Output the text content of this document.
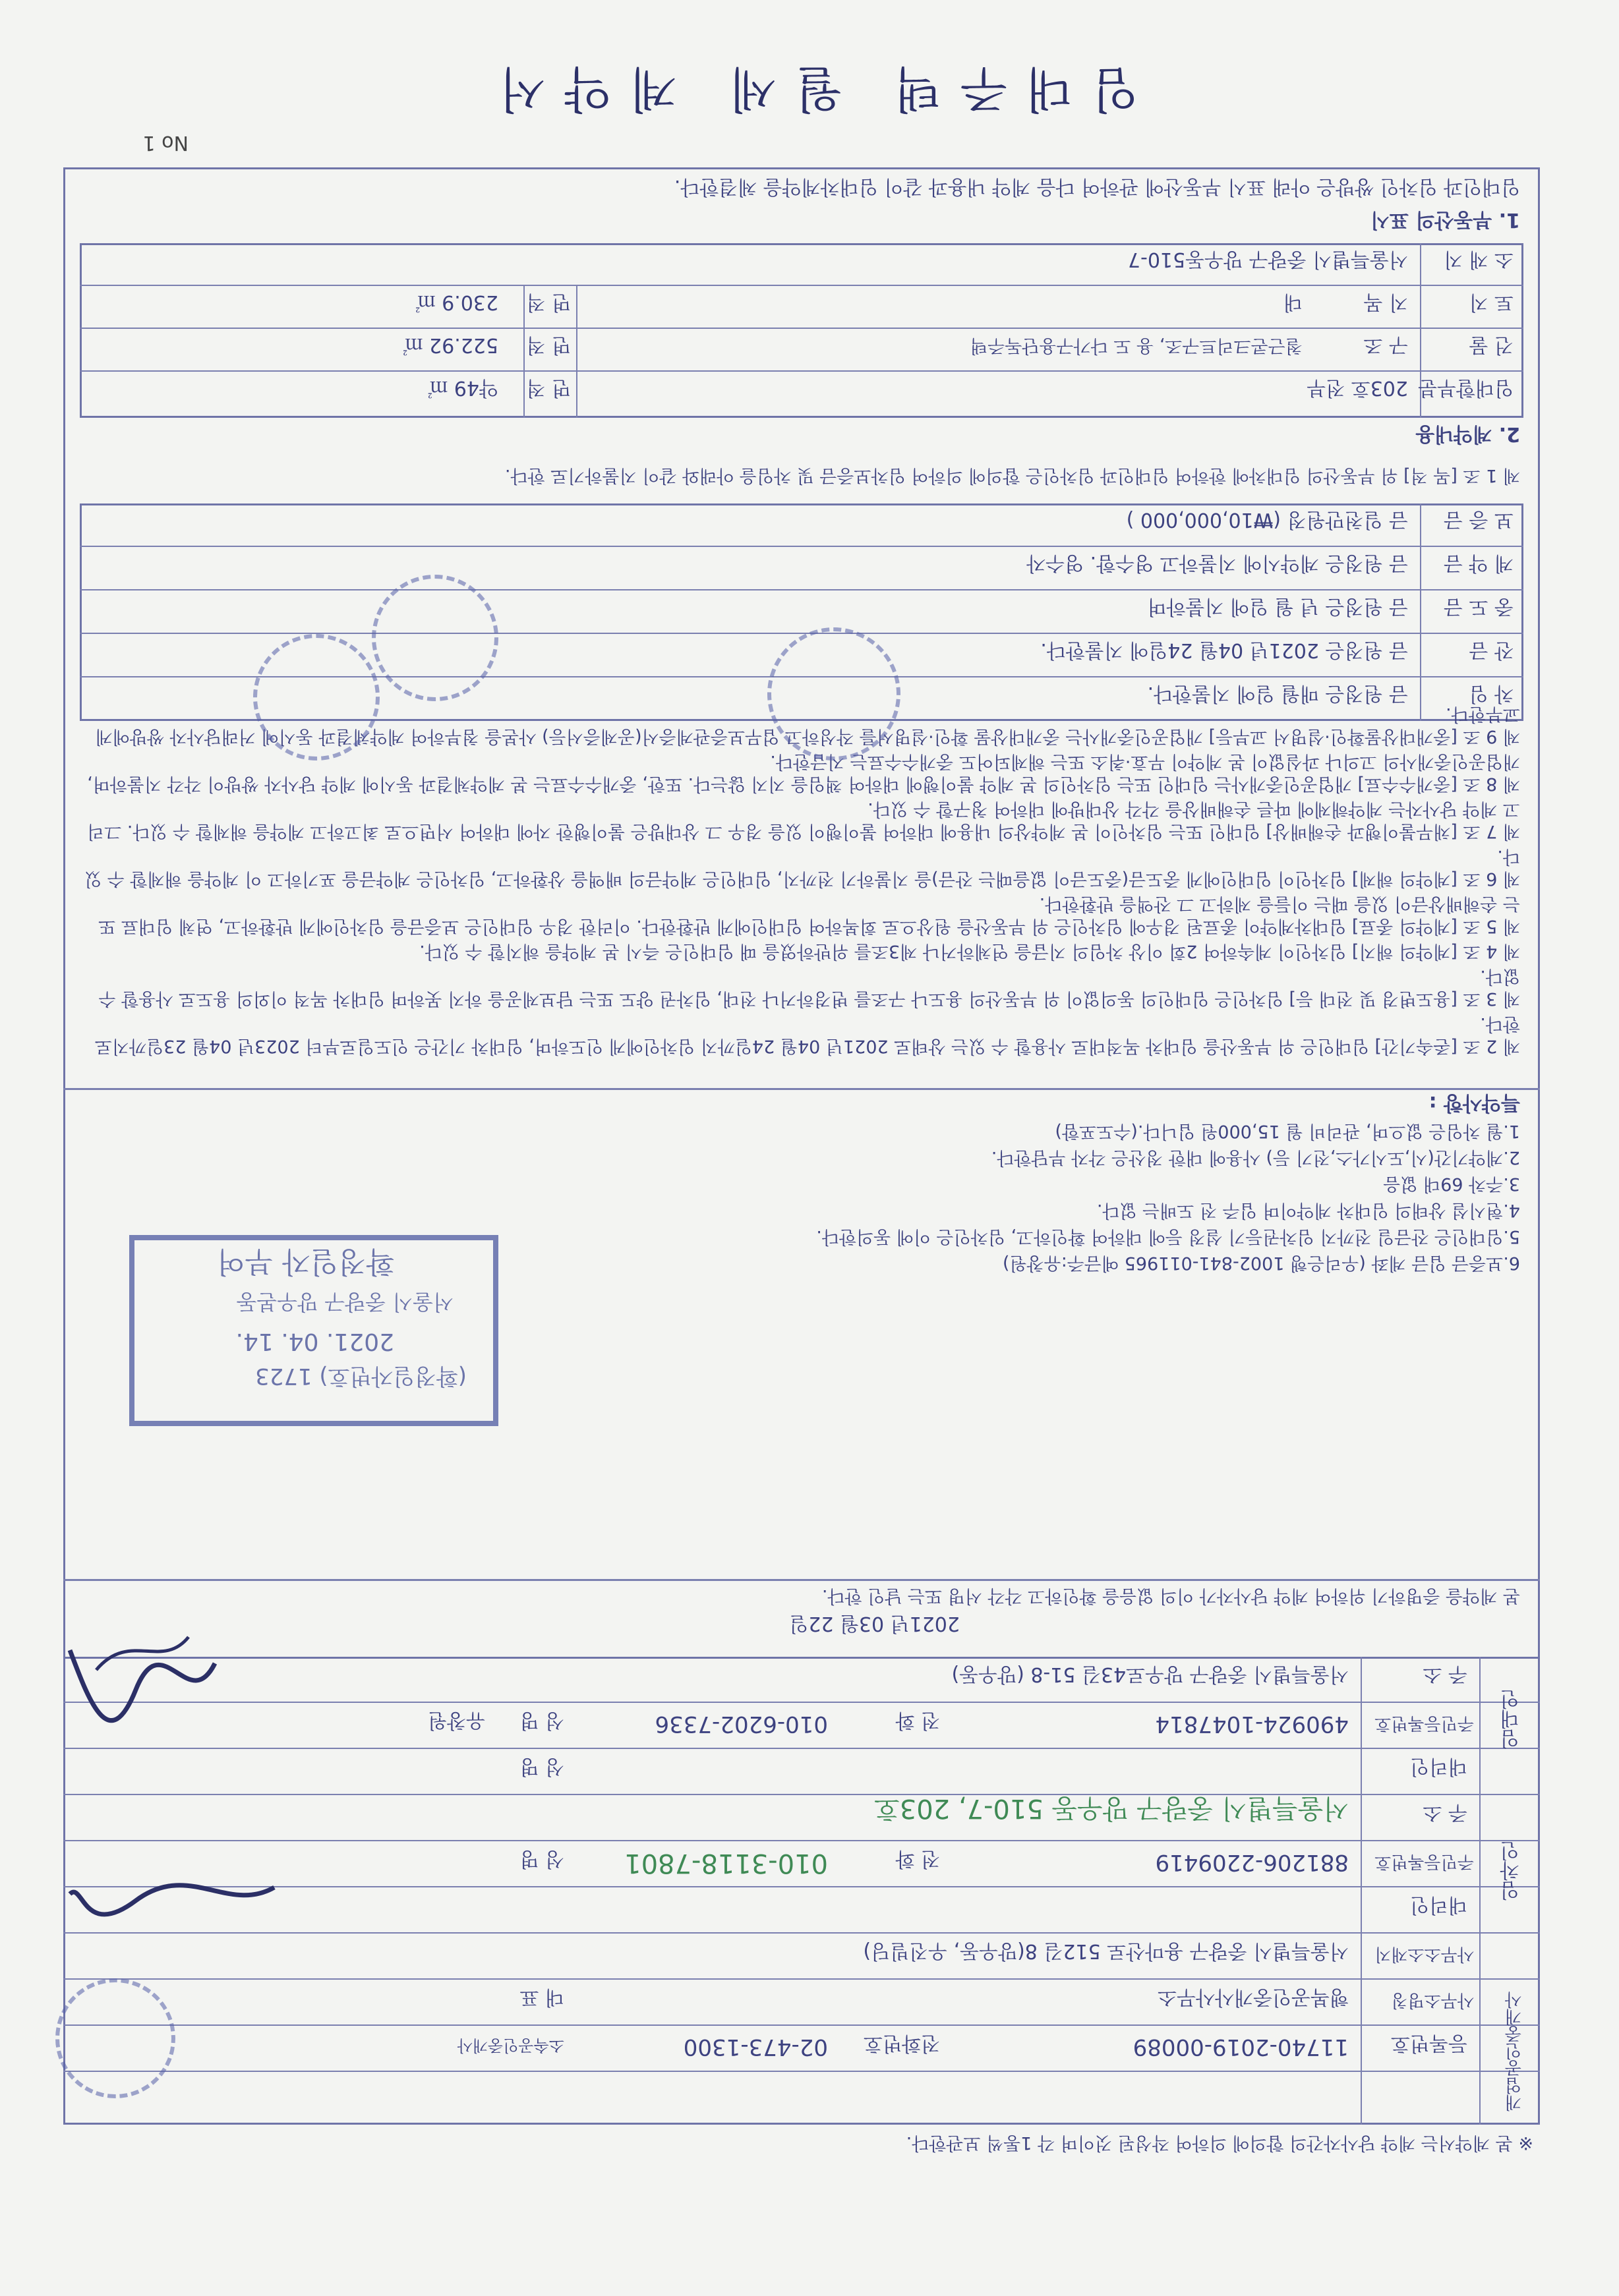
임대주택 월세 계약서
No 1
임대인과 임차인 쌍방은 아래 표시 부동산에 관하여 다음 계약 내용과 같이 임대차계약을 체결한다.
1. 부동산의 표시
소 재 지
서울특별시 중랑구 망우동510-7
토 지
지 목
대
면 적
230.9 ㎡
건 물
구 조
철근콘크리트구조, 용 도 다가구용단독주택
면 적
522.92 ㎡
임대할부분
203호 전부
면 적
약49 ㎡
2. 계약내용
제 1 조 [목 적] 위 부동산의 임대차에 한하여 임대인과 임차인은 합의에 의하여 임차보증금 및 차임을 아래와 같이 지불하기로 한다.
보 증 금
금 일천만원정 (₩10,000,000 )
계 약 금
금 원정은 계약시에 지불하고 영수함. 영수자
중 도 금
금 원정은 년 월 일에 지불하며
잔 금
금 원정은 2021년 04월 24일에 지불한다.
차 임
금 원정은 매월 일에 지불한다.
제 2 조 [존속기간] 임대인은 위 부동산을 임대차 목적대로 사용할 수 있는 상태로 2021년 04월 24일까지 임차인에게 인도하며, 임대차 기간은 인도일로부터 2023년 04월 23일까지로 한다.
제 3 조 [용도변경 및 전대 등] 임차인은 임대인의 동의없이 위 부동산의 용도나 구조를 변경하거나 전대, 임차권 양도 또는 담보제공을 하지 못하며 임대차 목적 이외의 용도로 사용할 수 없다.
제 4 조 [계약의 해지] 임차인이 계속하여 2회 이상 차임의 지급을 연체하거나 제3조를 위반하였을 때 임대인은 즉시 본 계약을 해지할 수 있다.
제 5 조 [계약의 종료] 임대차계약이 종료된 경우에 임차인은 위 부동산을 원상으로 회복하여 임대인에게 반환한다. 이러한 경우 임대인은 보증금을 임차인에게 반환하고, 연체 임대료 또는 손해배상금이 있을 때는 이들을 제하고 그 잔액을 반환한다.
제 6 조 [계약의 해제] 임차인이 임대인에게 중도금(중도금이 없을때는 잔금)을 지불하기 전까지, 임대인은 계약금의 배액을 상환하고, 임차인은 계약금을 포기하고 이 계약을 해제할 수 있다.
제 7 조 [채무불이행과 손해배상] 임대인 또는 임차인이 본 계약상의 내용에 대하여 불이행이 있을 경우 그 상대방은 불이행한 자에 대하여 서면으로 최고하고 계약을 해제할 수 있다. 그리고 계약 당사자는 계약해제에 따른 손해배상을 각각 상대방에 대하여 청구할 수 있다.
제 8 조 [중개수수료] 개업공인중개사는 임대인 또는 임차인의 본 계약 불이행에 대하여 책임을 지지 않는다. 또한, 중개수수료는 본 계약체결과 동시에 계약 당사자 쌍방이 각각 지불하며, 개업공인중개사의 고의나 과실없이 본 계약이 무효·취소 또는 해제되어도 중개수수료는 지급한다.
제 9 조 [중개대상물확인·설명서 교부등] 개업공인중개사는 중개대상물 확인·설명서를 작성하고 업무보증관계증서(공제증서등) 사본을 첨부하여 계약체결과 동시에 거래당사자 쌍방에게 교부한다.
특약사항 :
1.월 차임은 없으며, 관리비 월 15,000원 입니다.(수도포함)
2.계약기간(시,도시가스,전기 등) 사용에 대한 정산은 각자 부담한다.
3.주차 69대 없음
4.현시설 상태의 임대차 계약이며 입주 전 도배는 없다.
5.임대인은 잔금일 전까지 임차권등기 설정 등에 대하여 확인하고, 임차인은 이에 동의한다.
6.보증금 입금 계좌 (우리은행 1002-841-011965 예금주:유창원)
확정일자 부여
서울시 중랑구 망우본동
2021. 04. 14.
(확정일자번호) 1723
본 계약을 증명하기 위하여 계약 당사자가 이의 없음을 확인하고 각각 서명 또는 날인 한다.
2021년 03월 22일
임대인
주 소
서울특별시 중랑구 망우로43길 51-8 (망우동)
주민등록번호
490924-1047814
전 화
010-6202-7336
성 명
유창원
대리인
성 명
임차인
주 소
서울특별시 중랑구 망우동 510-7, 203호
주민등록번호
881206-2209419
전 화
010-3118-7801
성 명
대리인
개업공인중개사
사무소소재지
서울특별시 중랑구 용마산로 512길 8(망우동, 우진빌딩)
사무소명칭
행복공인중개사사무소
대 표
등록번호
11740-2019-00089
전화번호
02-473-1300
소속공인중개사
※ 본 계약서는 계약 당사자간의 합의에 의하여 작성된 것이며 각 1통씩 보관한다.
